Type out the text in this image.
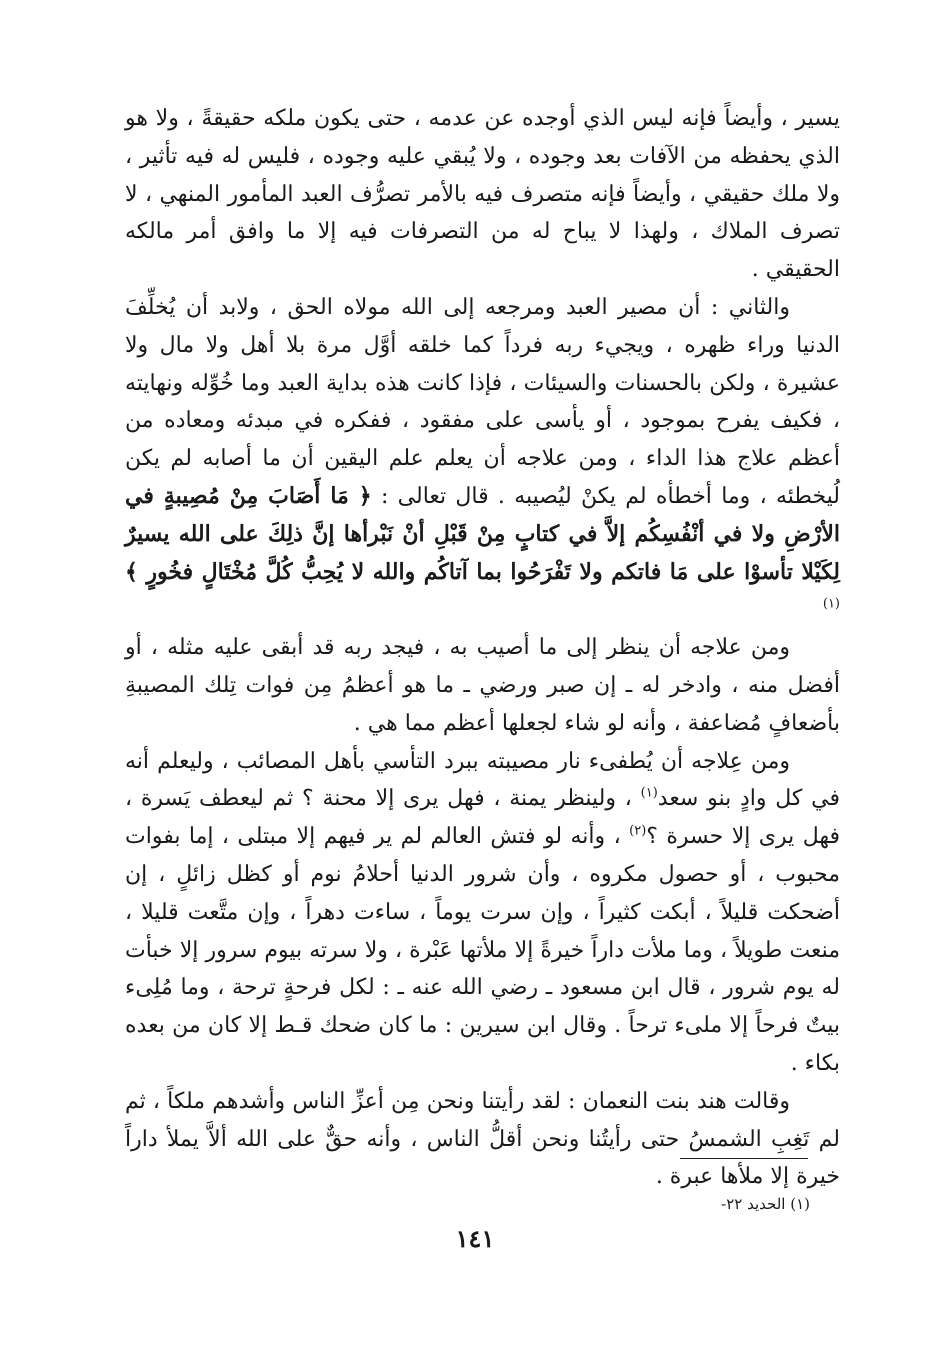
يسير ، وأيضاً فإنه ليس الذي أوجده عن عدمه ، حتى يكون ملكه حقيقةً ، ولا هو الذي يحفظه من الآفات بعد وجوده ، ولا يُبقي عليه وجوده ، فليس له فيه تأثير ، ولا ملك حقيقي ، وأيضاً فإنه متصرف فيه بالأمر تصرُّف العبد المأمور المنهي ، لا تصرف الملاك ، ولهذا لا يباح له من التصرفات فيه إلا ما وافق أمر مالكه الحقيقي .

والثاني : أن مصير العبد ومرجعه إلى الله مولاه الحق ، ولابد أن يُخلِّفَ الدنيا وراء ظهره ، ويجيء ربه فرداً كما خلقه أوَّل مرة بلا أهل ولا مال ولا عشيرة ، ولكن بالحسنات والسيئات ، فإذا كانت هذه بداية العبد وما خُوِّله ونهايته ، فكيف يفرح بموجود ، أو يأسى على مفقود ، ففكره في مبدئه ومعاده من أعظم علاج هذا الداء ، ومن علاجه أن يعلم علم اليقين أن ما أصابه لم يكن لُيخطئه ، وما أخطأه لم يكنْ ليُصيبه . قال تعالى : ﴿ مَا أَصَابَ مِنْ مُصِيبةٍ في الأرْضِ ولا في أنْفُسِكُم إلاَّ في كتابٍ مِنْ قَبْلِ أنْ نَبْرأها إنَّ ذلِكَ على الله يسيرٌ لِكَيْلا تأسوْا على مَا فاتكم ولا تَفْرَحُوا بما آتاكُم والله لا يُحِبُّ كُلَّ مُخْتَالٍ فخُورٍ ﴾$^{(١)}$

ومن علاجه أن ينظر إلى ما أصيب به ، فيجد ربه قد أبقى عليه مثله ، أو أفضل منه ، وادخر له ـ إن صبر ورضي ـ ما هو أعظمُ مِن فوات تِلك المصيبةِ بأضعافٍ مُضاعفة ، وأنه لو شاء لجعلها أعظم مما هي .

ومن عِلاجه أن يُطفىء نار مصيبته ببرد التأسي بأهل المصائب ، وليعلم أنه في كل وادٍ بنو سعد$^{(١)}$ ، ولينظر يمنة ، فهل يرى إلا محنة ؟ ثم ليعطف يَسرة ، فهل يرى إلا حسرة ؟$^{(٢)}$ ، وأنه لو فتش العالم لم ير فيهم إلا مبتلى ، إما بفوات محبوب ، أو حصول مكروه ، وأن شرور الدنيا أحلامُ نوم أو كظل زائلٍ ، إن أضحكت قليلاً ، أبكت كثيراً ، وإن سرت يوماً ، ساءت دهراً ، وإن متَّعت قليلا ، منعت طويلاً ، وما ملأت داراً خيرةً إلا ملأتها عَبْرة ، ولا سرته بيوم سرور إلا خبأت له يوم شرور ، قال ابن مسعود ـ رضي الله عنه ـ : لكل فرحةٍ ترحة ، وما مُلِىء بيتٌ فرحاً إلا ملىء ترحاً . وقال ابن سيرين : ما كان ضحك قـط إلا كان من بعده بكاء .

وقالت هند بنت النعمان : لقد رأيتنا ونحن مِن أعزِّ الناس وأشدهم ملكاً ، ثم لم تَغِبِ الشمسُ حتى رأيتُنا ونحن أقلُّ الناس ، وأنه حقٌّ على الله ألاَّ يملأ داراً خيرة إلا ملأها عبرة .

(١) الحديد ٢٢-
١٤١
